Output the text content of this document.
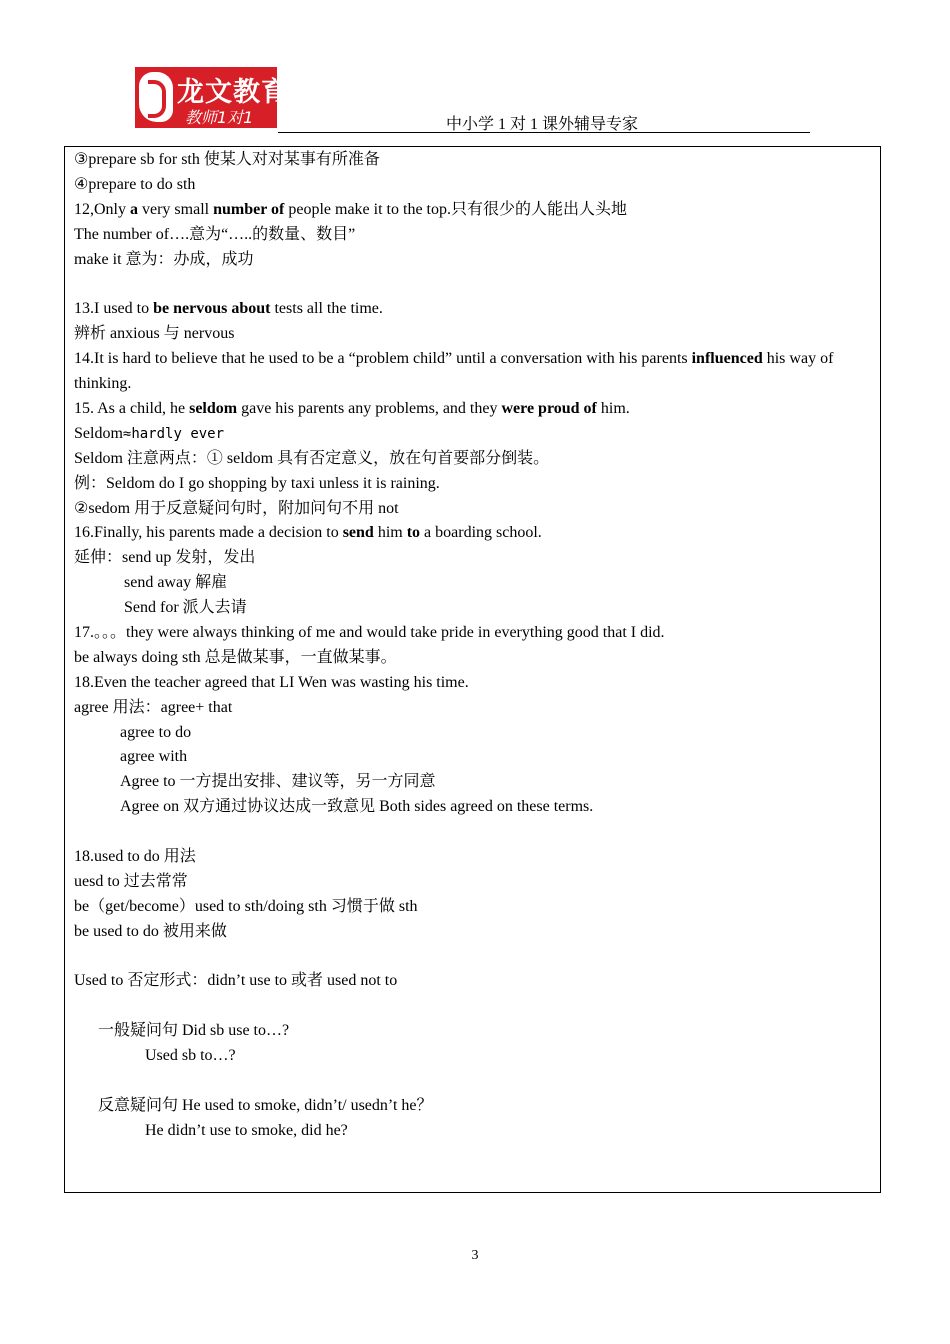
龙文教育
教师1对1	中小学 1 对 1 课外辅导专家
③prepare sb for sth 使某人对对某事有所准备
④prepare to do sth
12,Only a very small number of people make it to the top.只有很少的人能出人头地
The number of….意为“…..的数量、数目”
make it 意为：办成，成功
13.I used to be nervous about tests all the time.
辨析 anxious 与 nervous
14.It is hard to believe that he used to be a “problem child” until a conversation with his parents influenced his way of thinking.
15. As a child, he seldom gave his parents any problems, and they were proud of him.
Seldom≈hardly ever
Seldom 注意两点：① seldom 具有否定意义，放在句首要部分倒装。
例：Seldom do I go shopping by taxi unless it is raining.
②sedom 用于反意疑问句时，附加问句不用 not
16.Finally, his parents made a decision to send him to a boarding school.
延伸：send up 发射，发出
send away 解雇
Send for 派人去请
17.。。。they were always thinking of me and would take pride in everything good that I did.
be always doing sth 总是做某事，一直做某事。
18.Even the teacher agreed that LI Wen was wasting his time.
agree 用法：agree+ that
agree to do
agree with
Agree to 一方提出安排、建议等，另一方同意
Agree on 双方通过协议达成一致意见 Both sides agreed on these terms.
18.used to do 用法
uesd to 过去常常
be（get/become）used to sth/doing sth 习惯于做 sth
be used to do 被用来做
Used to 否定形式：didn’t use to 或者 used not to
一般疑问句 Did sb use to…?
Used sb to…?
反意疑问句 He used to smoke, didn’t/ usedn’t he？
He didn’t use to smoke, did he?
3
